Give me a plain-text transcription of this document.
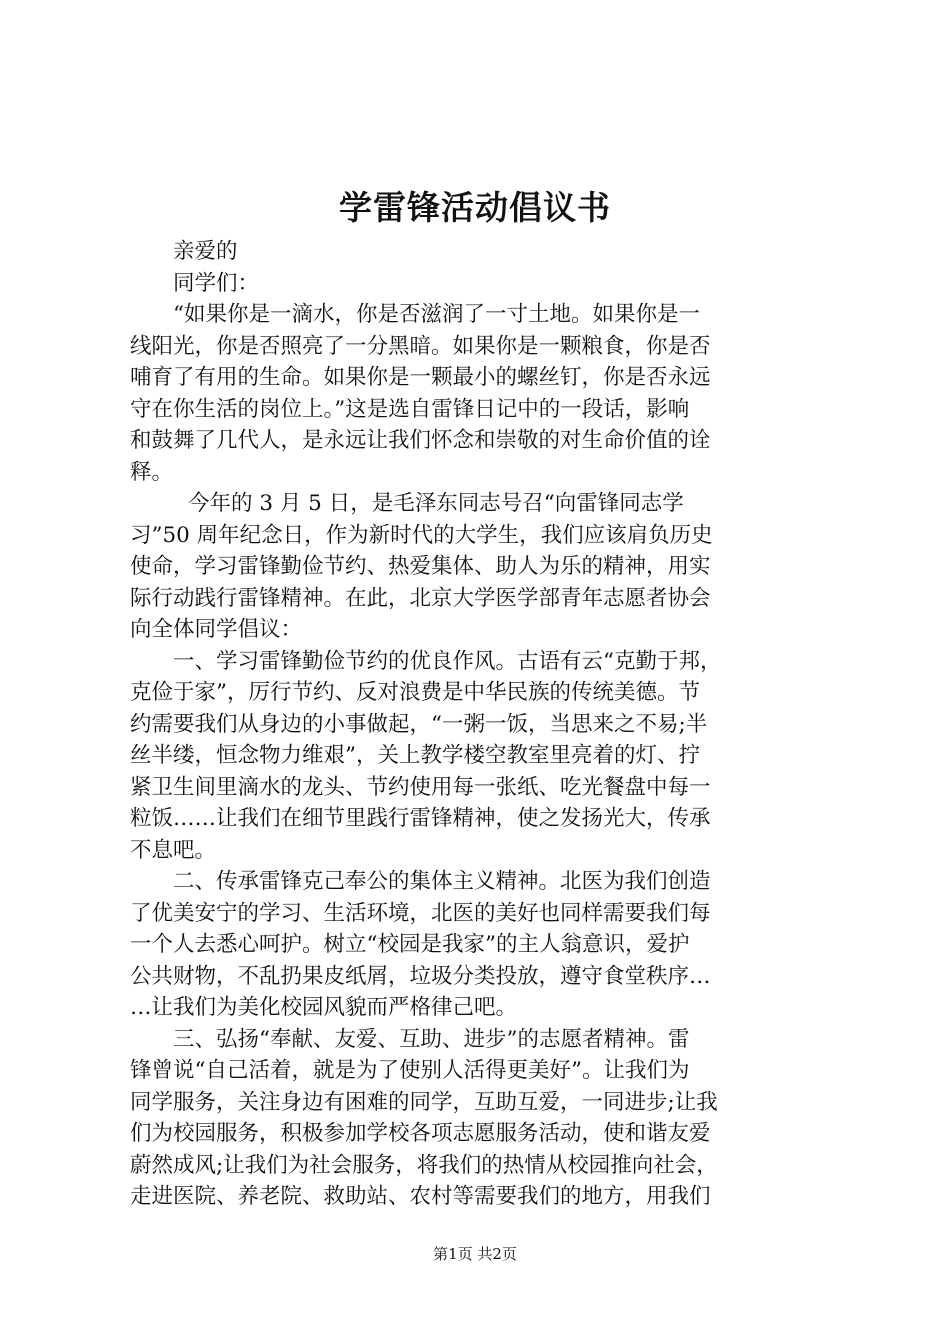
学雷锋活动倡议书
亲爱的
同学们：
“如果你是一滴水，你是否滋润了一寸土地。如果你是一
线阳光，你是否照亮了一分黑暗。如果你是一颗粮食，你是否
哺育了有用的生命。如果你是一颗最小的螺丝钉，你是否永远
守在你生活的岗位上。”这是选自雷锋日记中的一段话，影响
和鼓舞了几代人，是永远让我们怀念和崇敬的对生命价值的诠
释。
今年的 3 月 5 日，是毛泽东同志号召“向雷锋同志学
习”50 周年纪念日，作为新时代的大学生，我们应该肩负历史
使命，学习雷锋勤俭节约、热爱集体、助人为乐的精神，用实
际行动践行雷锋精神。在此，北京大学医学部青年志愿者协会
向全体同学倡议：
一、学习雷锋勤俭节约的优良作风。古语有云“克勤于邦，
克俭于家”，厉行节约、反对浪费是中华民族的传统美德。节
约需要我们从身边的小事做起，“一粥一饭，当思来之不易;半
丝半缕，恒念物力维艰”，关上教学楼空教室里亮着的灯、拧
紧卫生间里滴水的龙头、节约使用每一张纸、吃光餐盘中每一
粒饭……让我们在细节里践行雷锋精神，使之发扬光大，传承
不息吧。
二、传承雷锋克己奉公的集体主义精神。北医为我们创造
了优美安宁的学习、生活环境，北医的美好也同样需要我们每
一个人去悉心呵护。树立“校园是我家”的主人翁意识，爱护
公共财物，不乱扔果皮纸屑，垃圾分类投放，遵守食堂秩序…
…让我们为美化校园风貌而严格律己吧。
三、弘扬“奉献、友爱、互助、进步”的志愿者精神。雷
锋曾说“自己活着，就是为了使别人活得更美好”。让我们为
同学服务，关注身边有困难的同学，互助互爱，一同进步;让我
们为校园服务，积极参加学校各项志愿服务活动，使和谐友爱
蔚然成风;让我们为社会服务，将我们的热情从校园推向社会，
走进医院、养老院、救助站、农村等需要我们的地方，用我们
第1页 共2页
